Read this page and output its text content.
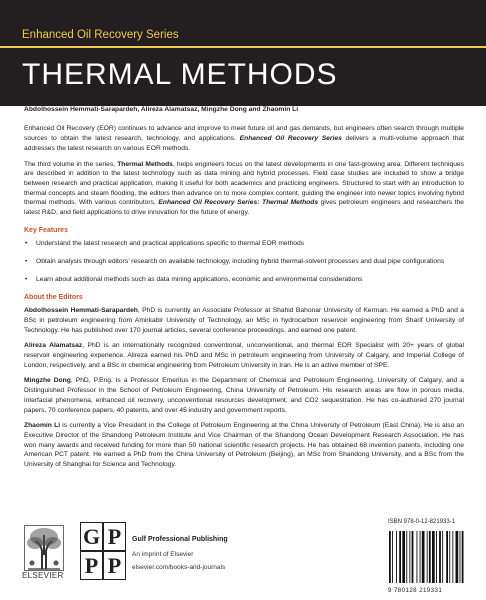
Enhanced Oil Recovery Series
THERMAL METHODS

Edited by

Abdolhossein Hemmati-Sarapardeh, Alireza Alamatsaz, Mingzhe Dong and Zhaomin Li

Enhanced Oil Recovery (EOR) continues to advance and improve to meet future oil and gas demands, but engineers often search through multiple sources to obtain the latest research, technology, and applications. Enhanced Oil Recovery Series delivers a multi-volume approach that addresses the latest research on various EOR methods.

The third volume in the series, Thermal Methods, helps engineers focus on the latest developments in one fast-growing area. Different techniques are described in addition to the latest technology such as data mining and hybrid processes. Field case studies are included to show a bridge between research and practical application, making it useful for both academics and practicing engineers. Structured to start with an introduction to thermal concepts and steam flooding, the editors then advance on to more complex content, guiding the engineer into newer topics involving hybrid thermal methods. With various contributors, Enhanced Oil Recovery Series: Thermal Methods gives petroleum engineers and researchers the latest R&D, and field applications to drive innovation for the future of energy.

Key Features
• Understand the latest research and practical applications specific to thermal EOR methods
• Obtain analysis through editors’ research on available technology, including hybrid thermal-solvent processes and dual pipe configurations
• Learn about additional methods such as data mining applications, economic and environmental considerations
About the Editors

Abdolhossein Hemmati-Sarapardeh, PhD is currently an Associate Professor at Shahid Bahonar University of Kerman. He earned a PhD and a BSc in petroleum engineering from Amirkabir University of Technology, an MSc in hydrocarbon reservoir engineering from Sharif University of Technology. He has published over 170 journal articles, several conference proceedings, and earned one patent.

Alireza Alamatsaz, PhD is an internationally recognized conventional, unconventional, and thermal EOR Specialist with 20+ years of global reservoir engineering experience. Alireza earned his PhD and MSc in petroleum engineering from University of Calgary, and Imperial College of London, respectively, and a BSc in chemical engineering from Petroleum University in Iran. He is an active member of SPE.

Mingzhe Dong, PhD, P.Eng. is a Professor Emeritus in the Department of Chemical and Petroleum Engineering, University of Calgary, and a Distinguished Professor in the School of Petroleum Engineering, China University of Petroleum. His research areas are flow in porous media, interfacial phenomena, enhanced oil recovery, unconventional resources development, and CO2 sequestration. He has co-authored 270 journal papers, 70 conference papers, 40 patents, and over 45 industry and government reports.

Zhaomin Li is currently a Vice President in the College of Petroleum Engineering at the China University of Petroleum (East China). He is also an Executive Director of the Shandong Petroleum Institute and Vice Chairman of the Shandong Ocean Development Research Association. He has won many awards and received funding for more than 50 national scientific research projects. He has obtained 68 invention patents, including one American PCT patent. He earned a PhD from the China University of Petroleum (Beijing), an MSc from Shandong University, and a BSc from the University of Shanghai for Science and Technology.

ELSEVIER
G P
P P
Gulf Professional Publishing
An imprint of Elsevier
elsevier.com/books-and-journals
ISBN 978-0-12-821933-1
9 780128 219331
